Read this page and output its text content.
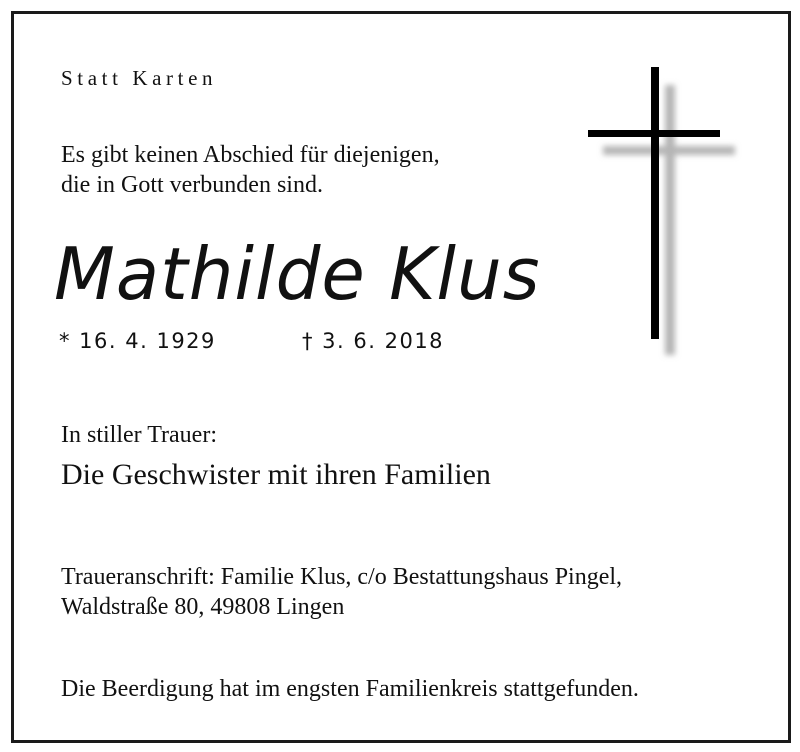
Statt Karten
Es gibt keinen Abschied für diejenigen,
die in Gott verbunden sind.
Mathilde Klus
* 16. 4. 1929	† 3. 6. 2018
In stiller Trauer:
Die Geschwister mit ihren Familien
Traueranschrift: Familie Klus, c/o Bestattungshaus Pingel,
Waldstraße 80, 49808 Lingen
Die Beerdigung hat im engsten Familienkreis stattgefunden.
